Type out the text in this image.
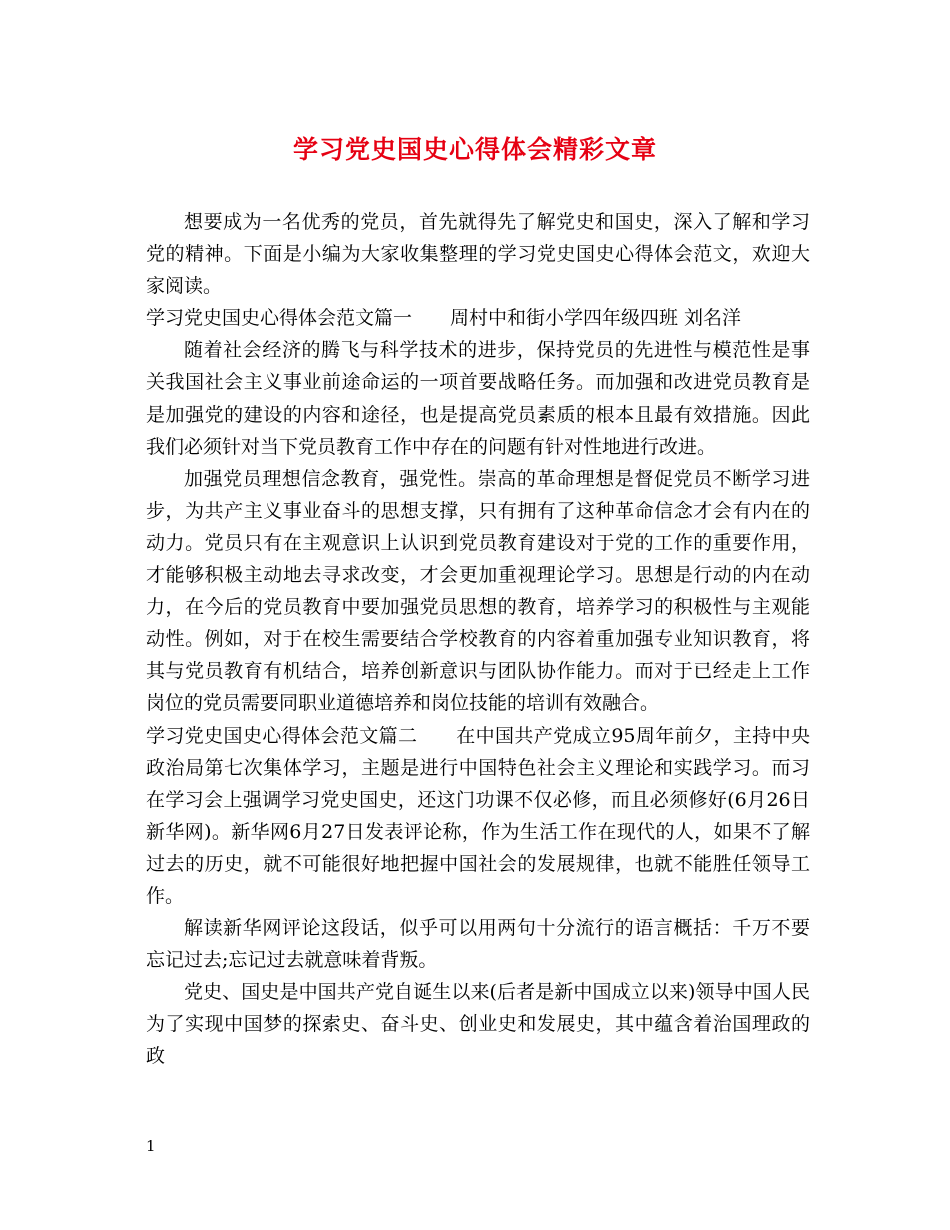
学习党史国史心得体会精彩文章

想要成为一名优秀的党员，首先就得先了解党史和国史，深入了解和学习党的精神。下面是小编为大家收集整理的学习党史国史心得体会范文，欢迎大家阅读。

学习党史国史心得体会范文篇一　　周村中和街小学四年级四班 刘名洋

随着社会经济的腾飞与科学技术的进步，保持党员的先进性与模范性是事关我国社会主义事业前途命运的一项首要战略任务。而加强和改进党员教育是是加强党的建设的内容和途径，也是提高党员素质的根本且最有效措施。因此我们必须针对当下党员教育工作中存在的问题有针对性地进行改进。

加强党员理想信念教育，强党性。崇高的革命理想是督促党员不断学习进步，为共产主义事业奋斗的思想支撑，只有拥有了这种革命信念才会有内在的动力。党员只有在主观意识上认识到党员教育建设对于党的工作的重要作用，才能够积极主动地去寻求改变，才会更加重视理论学习。思想是行动的内在动力，在今后的党员教育中要加强党员思想的教育，培养学习的积极性与主观能动性。例如，对于在校生需要结合学校教育的内容着重加强专业知识教育，将其与党员教育有机结合，培养创新意识与团队协作能力。而对于已经走上工作岗位的党员需要同职业道德培养和岗位技能的培训有效融合。

学习党史国史心得体会范文篇二　　在中国共产党成立95周年前夕，主持中央政治局第七次集体学习，主题是进行中国特色社会主义理论和实践学习。而习在学习会上强调学习党史国史，还这门功课不仅必修，而且必须修好(6月26日 新华网)。新华网6月27日发表评论称，作为生活工作在现代的人，如果不了解过去的历史，就不可能很好地把握中国社会的发展规律，也就不能胜任领导工作。

解读新华网评论这段话，似乎可以用两句十分流行的语言概括：千万不要忘记过去;忘记过去就意味着背叛。

党史、国史是中国共产党自诞生以来(后者是新中国成立以来)领导中国人民为了实现中国梦的探索史、奋斗史、创业史和发展史，其中蕴含着治国理政的政

1
